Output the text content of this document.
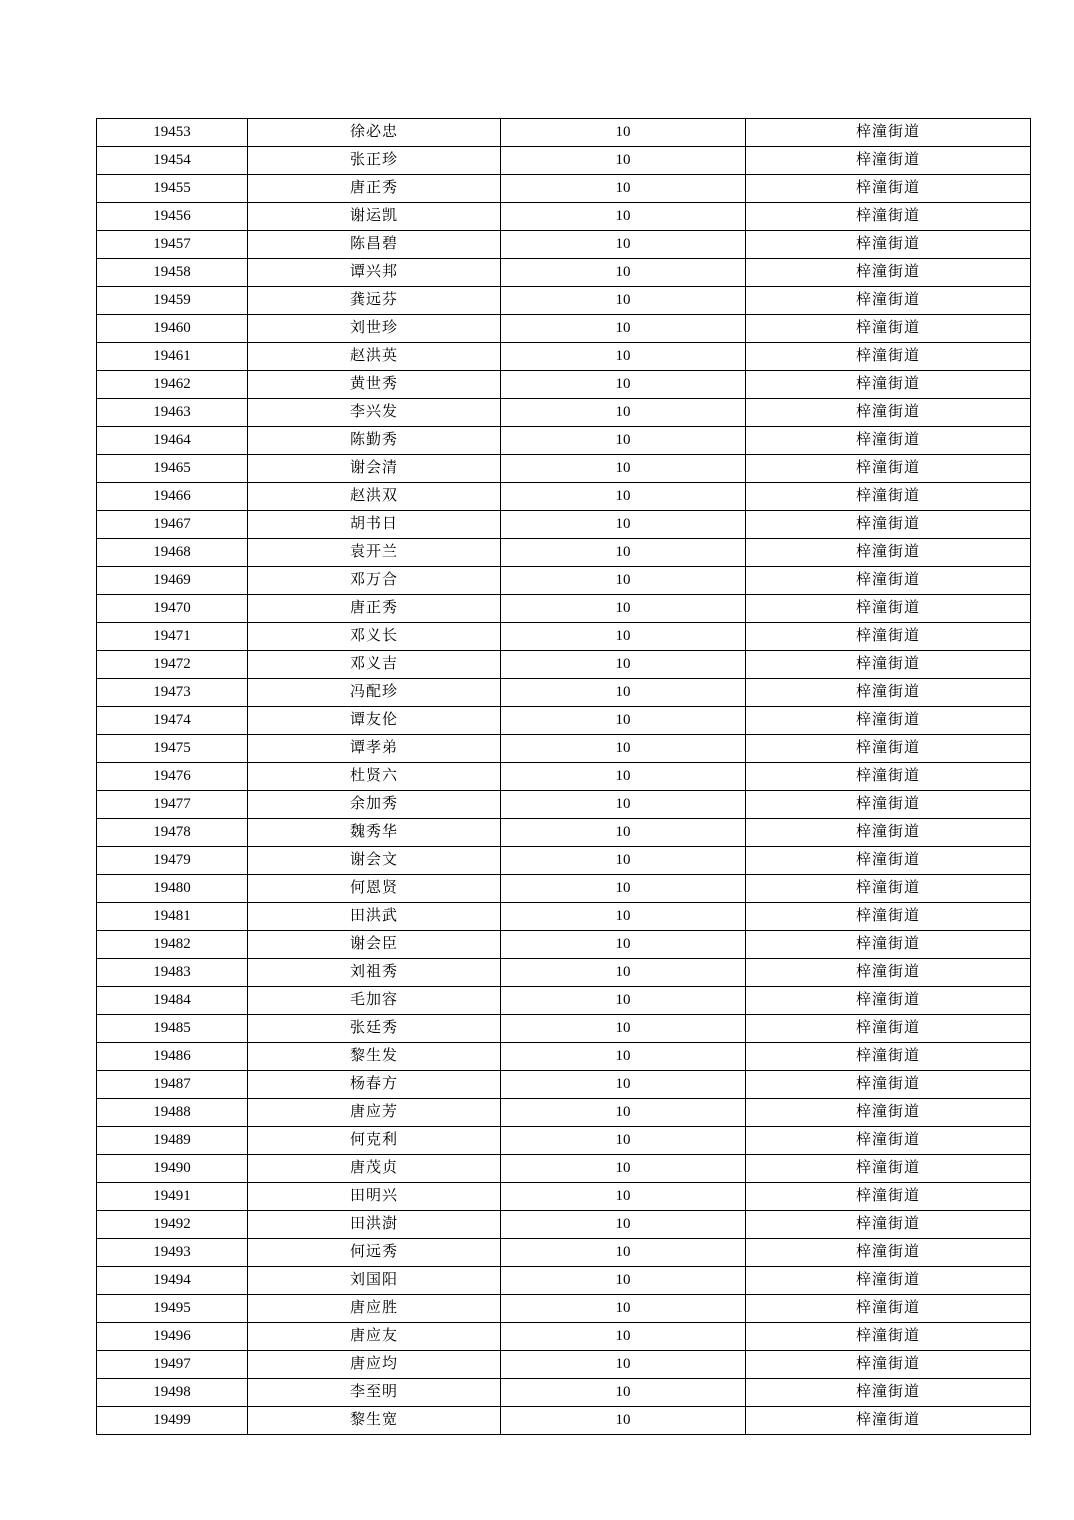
19453	徐必忠	10	梓潼街道
19454	张正珍	10	梓潼街道
19455	唐正秀	10	梓潼街道
19456	谢运凯	10	梓潼街道
19457	陈昌碧	10	梓潼街道
19458	谭兴邦	10	梓潼街道
19459	龚远芬	10	梓潼街道
19460	刘世珍	10	梓潼街道
19461	赵洪英	10	梓潼街道
19462	黄世秀	10	梓潼街道
19463	李兴发	10	梓潼街道
19464	陈勤秀	10	梓潼街道
19465	谢会清	10	梓潼街道
19466	赵洪双	10	梓潼街道
19467	胡书日	10	梓潼街道
19468	袁开兰	10	梓潼街道
19469	邓万合	10	梓潼街道
19470	唐正秀	10	梓潼街道
19471	邓义长	10	梓潼街道
19472	邓义吉	10	梓潼街道
19473	冯配珍	10	梓潼街道
19474	谭友伦	10	梓潼街道
19475	谭孝弟	10	梓潼街道
19476	杜贤六	10	梓潼街道
19477	余加秀	10	梓潼街道
19478	魏秀华	10	梓潼街道
19479	谢会文	10	梓潼街道
19480	何恩贤	10	梓潼街道
19481	田洪武	10	梓潼街道
19482	谢会臣	10	梓潼街道
19483	刘祖秀	10	梓潼街道
19484	毛加容	10	梓潼街道
19485	张廷秀	10	梓潼街道
19486	黎生发	10	梓潼街道
19487	杨春方	10	梓潼街道
19488	唐应芳	10	梓潼街道
19489	何克利	10	梓潼街道
19490	唐茂贞	10	梓潼街道
19491	田明兴	10	梓潼街道
19492	田洪澍	10	梓潼街道
19493	何远秀	10	梓潼街道
19494	刘国阳	10	梓潼街道
19495	唐应胜	10	梓潼街道
19496	唐应友	10	梓潼街道
19497	唐应均	10	梓潼街道
19498	李至明	10	梓潼街道
19499	黎生宽	10	梓潼街道
